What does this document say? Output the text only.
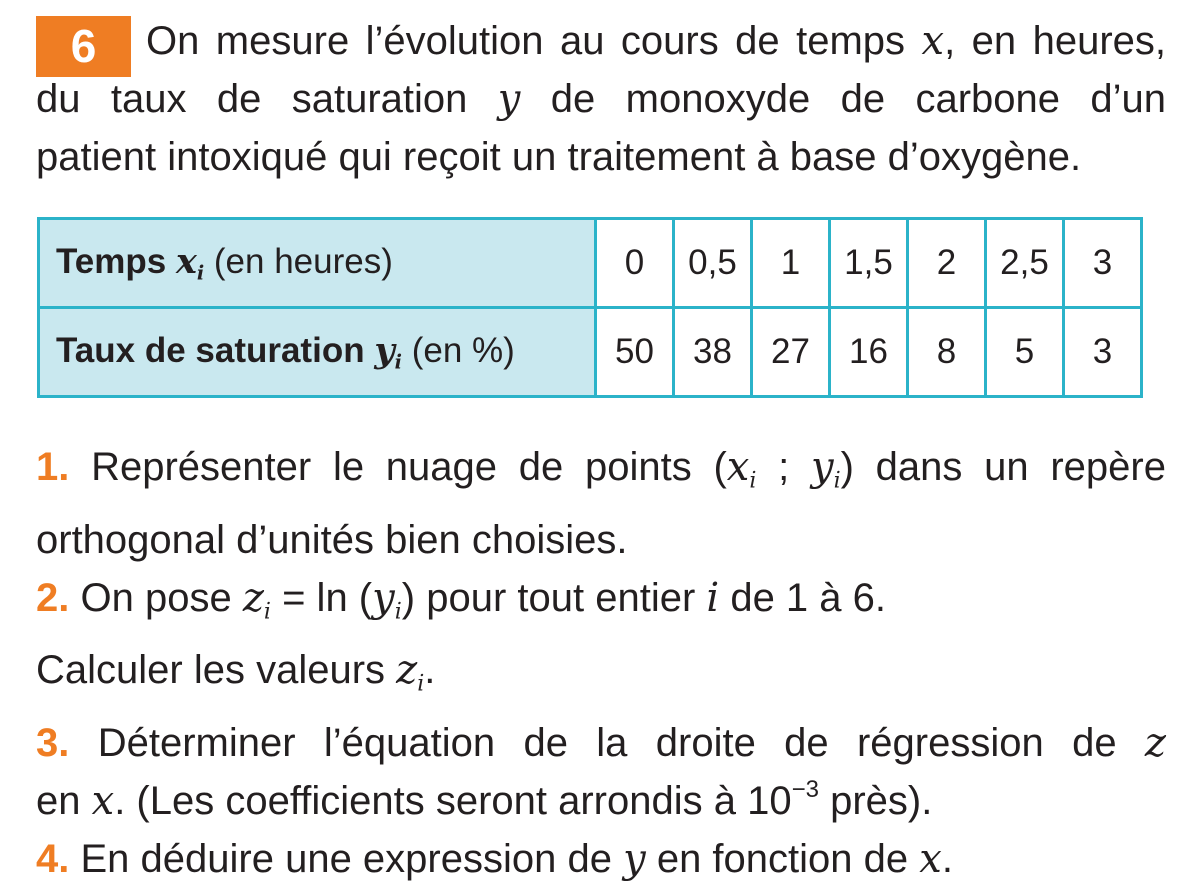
6	On mesure l’évolution au cours de temps x, en heures,
du taux de saturation y de monoxyde de carbone d’un
patient intoxiqué qui reçoit un traitement à base d’oxygène.
Temps $x_i$ (en heures)	0	0,5	1	1,5	2	2,5	3
Taux de saturation $y_i$ (en %)	50	38	27	16	8	5	3
1. Représenter le nuage de points ($x_i$ ; $y_i$) dans un repère
orthogonal d’unités bien choisies.
2. On pose $z_i = \ln (y_i)$ pour tout entier i de 1 à 6.
Calculer les valeurs $z_i$.
3. Déterminer l’équation de la droite de régression de z
en x. (Les coefficients seront arrondis à $10^{-3}$ près).
4. En déduire une expression de y en fonction de x.
